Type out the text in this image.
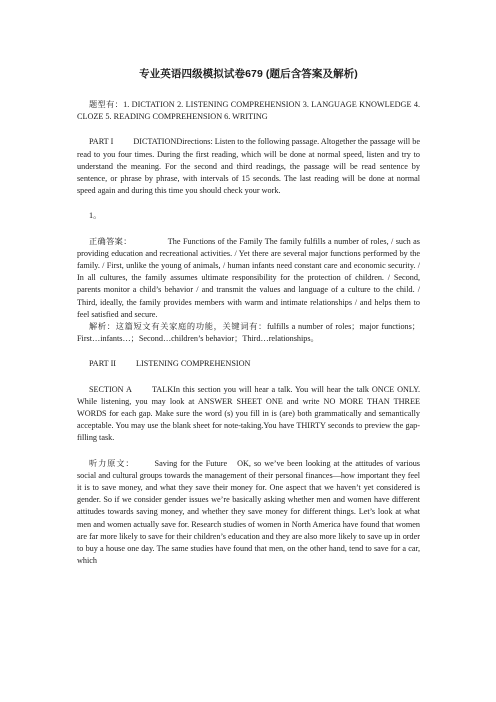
专业英语四级模拟试卷679 (题后含答案及解析)

题型有：1. DICTATION 2. LISTENING COMPREHENSION 3. LANGUAGE KNOWLEDGE 4. CLOZE 5. READING COMPREHENSION 6. WRITING

PART I DICTATIONDirections: Listen to the following passage. Altogether the passage will be read to you four times. During the first reading, which will be done at normal speed, listen and try to understand the meaning. For the second and third readings, the passage will be read sentence by sentence, or phrase by phrase, with intervals of 15 seconds. The last reading will be done at normal speed again and during this time you should check your work.

1。

正确答案：	The Functions of the Family The family fulfills a number of roles, / such as providing education and recreational activities. / Yet there are several major functions performed by the family. / First, unlike the young of animals, / human infants need constant care and economic security. / In all cultures, the family assumes ultimate responsibility for the protection of children. / Second, parents monitor a child’s behavior / and transmit the values and language of a culture to the child. / Third, ideally, the family provides members with warm and intimate relationships / and helps them to feel satisfied and secure.

解析：这篇短文有关家庭的功能，关键词有：fulfills a number of roles；major functions；First…infants…；Second…children’s behavior；Third…relationships。

PART II LISTENING COMPREHENSION

SECTION A TALKIn this section you will hear a talk. You will hear the talk ONCE ONLY. While listening, you may look at ANSWER SHEET ONE and write NO MORE THAN THREE WORDS for each gap. Make sure the word (s) you fill in is (are) both grammatically and semantically acceptable. You may use the blank sheet for note-taking.You have THIRTY seconds to preview the gap-filling task.

听力原文： Saving for the Future OK, so we’ve been looking at the attitudes of various social and cultural groups towards the management of their personal finances—how important they feel it is to save money, and what they save their money for. One aspect that we haven’t yet considered is gender. So if we consider gender issues we’re basically asking whether men and women have different attitudes towards saving money, and whether they save money for different things. Let’s look at what men and women actually save for. Research studies of women in North America have found that women are far more likely to save for their children’s education and they are also more likely to save up in order to buy a house one day. The same studies have found that men, on the other hand, tend to save for a car, which
